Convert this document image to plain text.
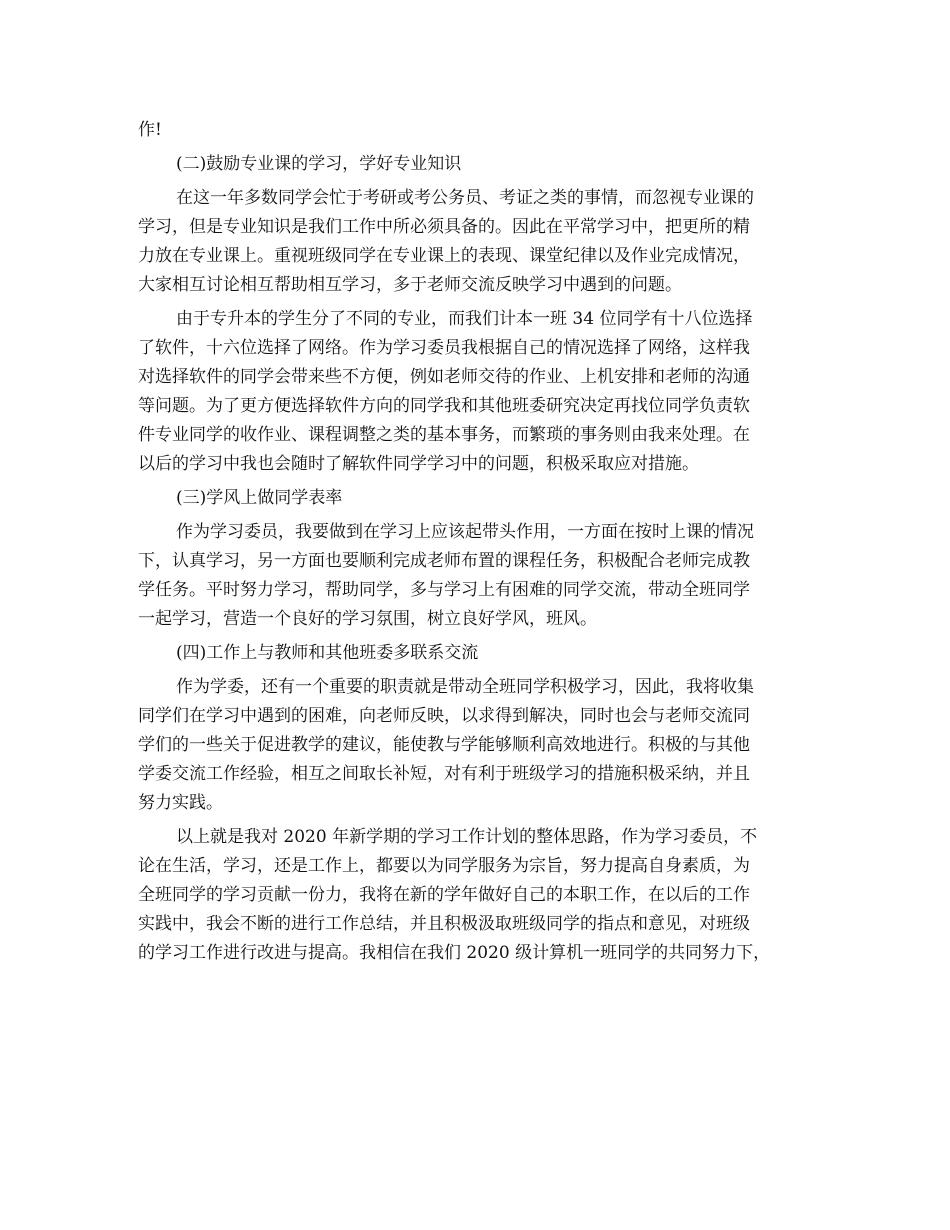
作!
(二)鼓励专业课的学习，学好专业知识
在这一年多数同学会忙于考研或考公务员、考证之类的事情，而忽视专业课的
学习，但是专业知识是我们工作中所必须具备的。因此在平常学习中，把更所的精
力放在专业课上。重视班级同学在专业课上的表现、课堂纪律以及作业完成情况，
大家相互讨论相互帮助相互学习，多于老师交流反映学习中遇到的问题。
由于专升本的学生分了不同的专业，而我们计本一班 34 位同学有十八位选择
了软件，十六位选择了网络。作为学习委员我根据自己的情况选择了网络，这样我
对选择软件的同学会带来些不方便，例如老师交待的作业、上机安排和老师的沟通
等问题。为了更方便选择软件方向的同学我和其他班委研究决定再找位同学负责软
件专业同学的收作业、课程调整之类的基本事务，而繁琐的事务则由我来处理。在
以后的学习中我也会随时了解软件同学学习中的问题，积极采取应对措施。
(三)学风上做同学表率
作为学习委员，我要做到在学习上应该起带头作用，一方面在按时上课的情况
下，认真学习，另一方面也要顺利完成老师布置的课程任务，积极配合老师完成教
学任务。平时努力学习，帮助同学，多与学习上有困难的同学交流，带动全班同学
一起学习，营造一个良好的学习氛围，树立良好学风，班风。
(四)工作上与教师和其他班委多联系交流
作为学委，还有一个重要的职责就是带动全班同学积极学习，因此，我将收集
同学们在学习中遇到的困难，向老师反映，以求得到解决，同时也会与老师交流同
学们的一些关于促进教学的建议，能使教与学能够顺利高效地进行。积极的与其他
学委交流工作经验，相互之间取长补短，对有利于班级学习的措施积极采纳，并且
努力实践。
以上就是我对 2020 年新学期的学习工作计划的整体思路，作为学习委员，不
论在生活，学习，还是工作上，都要以为同学服务为宗旨，努力提高自身素质，为
全班同学的学习贡献一份力，我将在新的学年做好自己的本职工作，在以后的工作
实践中，我会不断的进行工作总结，并且积极汲取班级同学的指点和意见，对班级
的学习工作进行改进与提高。我相信在我们 2020 级计算机一班同学的共同努力下，
